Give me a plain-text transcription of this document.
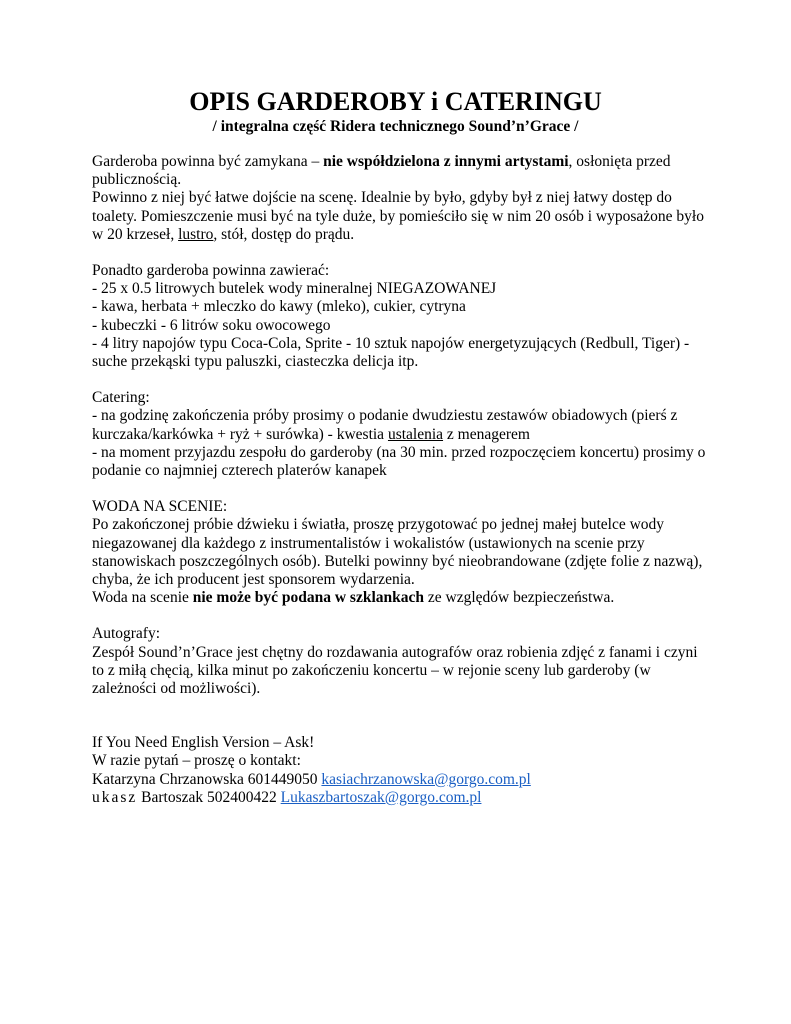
OPIS GARDEROBY i CATERINGU

/ integralna część Ridera technicznego Sound’n’Grace /

Garderoba powinna być zamykana – nie współdzielona z innymi artystami, osłonięta przed publicznością.

Powinno z niej być łatwe dojście na scenę. Idealnie by było, gdyby był z niej łatwy dostęp do toalety. Pomieszczenie musi być na tyle duże, by pomieściło się w nim 20 osób i wyposażone było w 20 krzeseł, lustro, stół, dostęp do prądu.

Ponadto garderoba powinna zawierać:

- 25 x 0.5 litrowych butelek wody mineralnej NIEGAZOWANEJ

- kawa, herbata + mleczko do kawy (mleko), cukier, cytryna

- kubeczki - 6 litrów soku owocowego

- 4 litry napojów typu Coca-Cola, Sprite - 10 sztuk napojów energetyzujących (Redbull, Tiger) - suche przekąski typu paluszki, ciasteczka delicja itp.

Catering:

- na godzinę zakończenia próby prosimy o podanie dwudziestu zestawów obiadowych (pierś z kurczaka/karkówka + ryż + surówka) - kwestia ustalenia z menagerem

- na moment przyjazdu zespołu do garderoby (na 30 min. przed rozpoczęciem koncertu) prosimy o podanie co najmniej czterech platerów kanapek

WODA NA SCENIE:

Po zakończonej próbie dźwieku i światła, proszę przygotować po jednej małej butelce wody niegazowanej dla każdego z instrumentalistów i wokalistów (ustawionych na scenie przy stanowiskach poszczególnych osób). Butelki powinny być nieobrandowane (zdjęte folie z nazwą), chyba, że ich producent jest sponsorem wydarzenia.

Woda na scenie nie może być podana w szklankach ze względów bezpieczeństwa.

Autografy:

Zespół Sound’n’Grace jest chętny do rozdawania autografów oraz robienia zdjęć z fanami i czyni to z miłą chęcią, kilka minut po zakończeniu koncertu – w rejonie sceny lub garderoby (w zależności od możliwości).

If You Need English Version – Ask!

W razie pytań – proszę o kontakt:

Katarzyna Chrzanowska 601449050 kasiachrzanowska@gorgo.com.pl

ukasz Bartoszak 502400422 Lukaszbartoszak@gorgo.com.pl
